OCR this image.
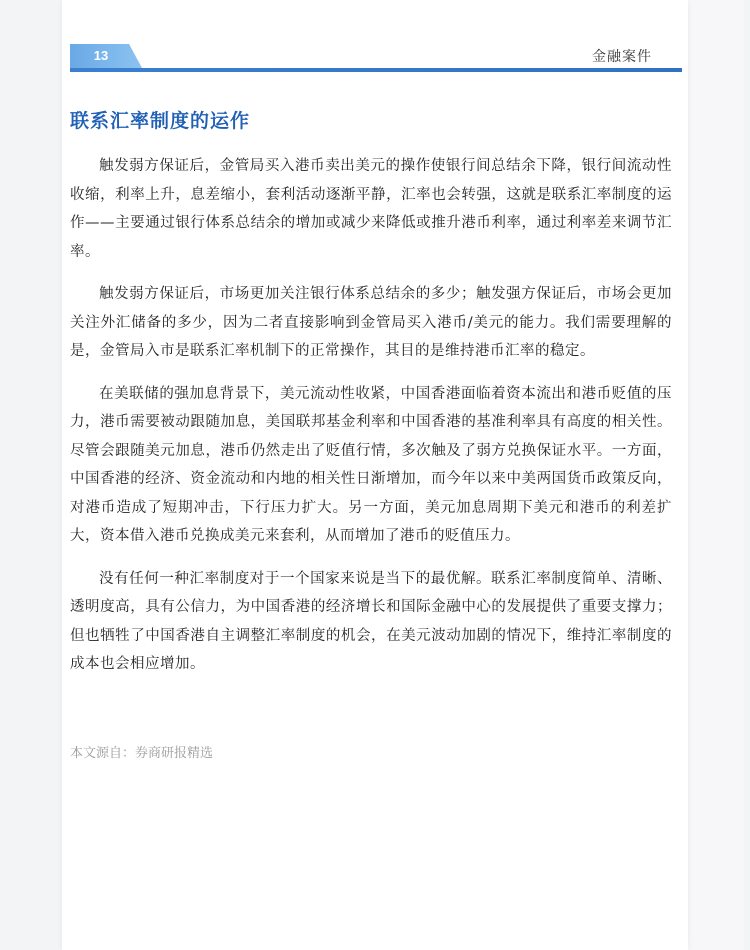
13	金融案件
联系汇率制度的运作

触发弱方保证后，金管局买入港币卖出美元的操作使银行间总结余下降，银行间流动性收缩，利率上升，息差缩小，套利活动逐渐平静，汇率也会转强，这就是联系汇率制度的运作——主要通过银行体系总结余的增加或减少来降低或推升港币利率，通过利率差来调节汇率。

触发弱方保证后，市场更加关注银行体系总结余的多少；触发强方保证后，市场会更加关注外汇储备的多少，因为二者直接影响到金管局买入港币/美元的能力。我们需要理解的是，金管局入市是联系汇率机制下的正常操作，其目的是维持港币汇率的稳定。

在美联储的强加息背景下，美元流动性收紧，中国香港面临着资本流出和港币贬值的压力，港币需要被动跟随加息，美国联邦基金利率和中国香港的基准利率具有高度的相关性。尽管会跟随美元加息，港币仍然走出了贬值行情，多次触及了弱方兑换保证水平。一方面，中国香港的经济、资金流动和内地的相关性日渐增加，而今年以来中美两国货币政策反向，对港币造成了短期冲击，下行压力扩大。另一方面，美元加息周期下美元和港币的利差扩大，资本借入港币兑换成美元来套利，从而增加了港币的贬值压力。

没有任何一种汇率制度对于一个国家来说是当下的最优解。联系汇率制度简单、清晰、透明度高，具有公信力，为中国香港的经济增长和国际金融中心的发展提供了重要支撑力；但也牺牲了中国香港自主调整汇率制度的机会，在美元波动加剧的情况下，维持汇率制度的成本也会相应增加。

本文源自：券商研报精选
